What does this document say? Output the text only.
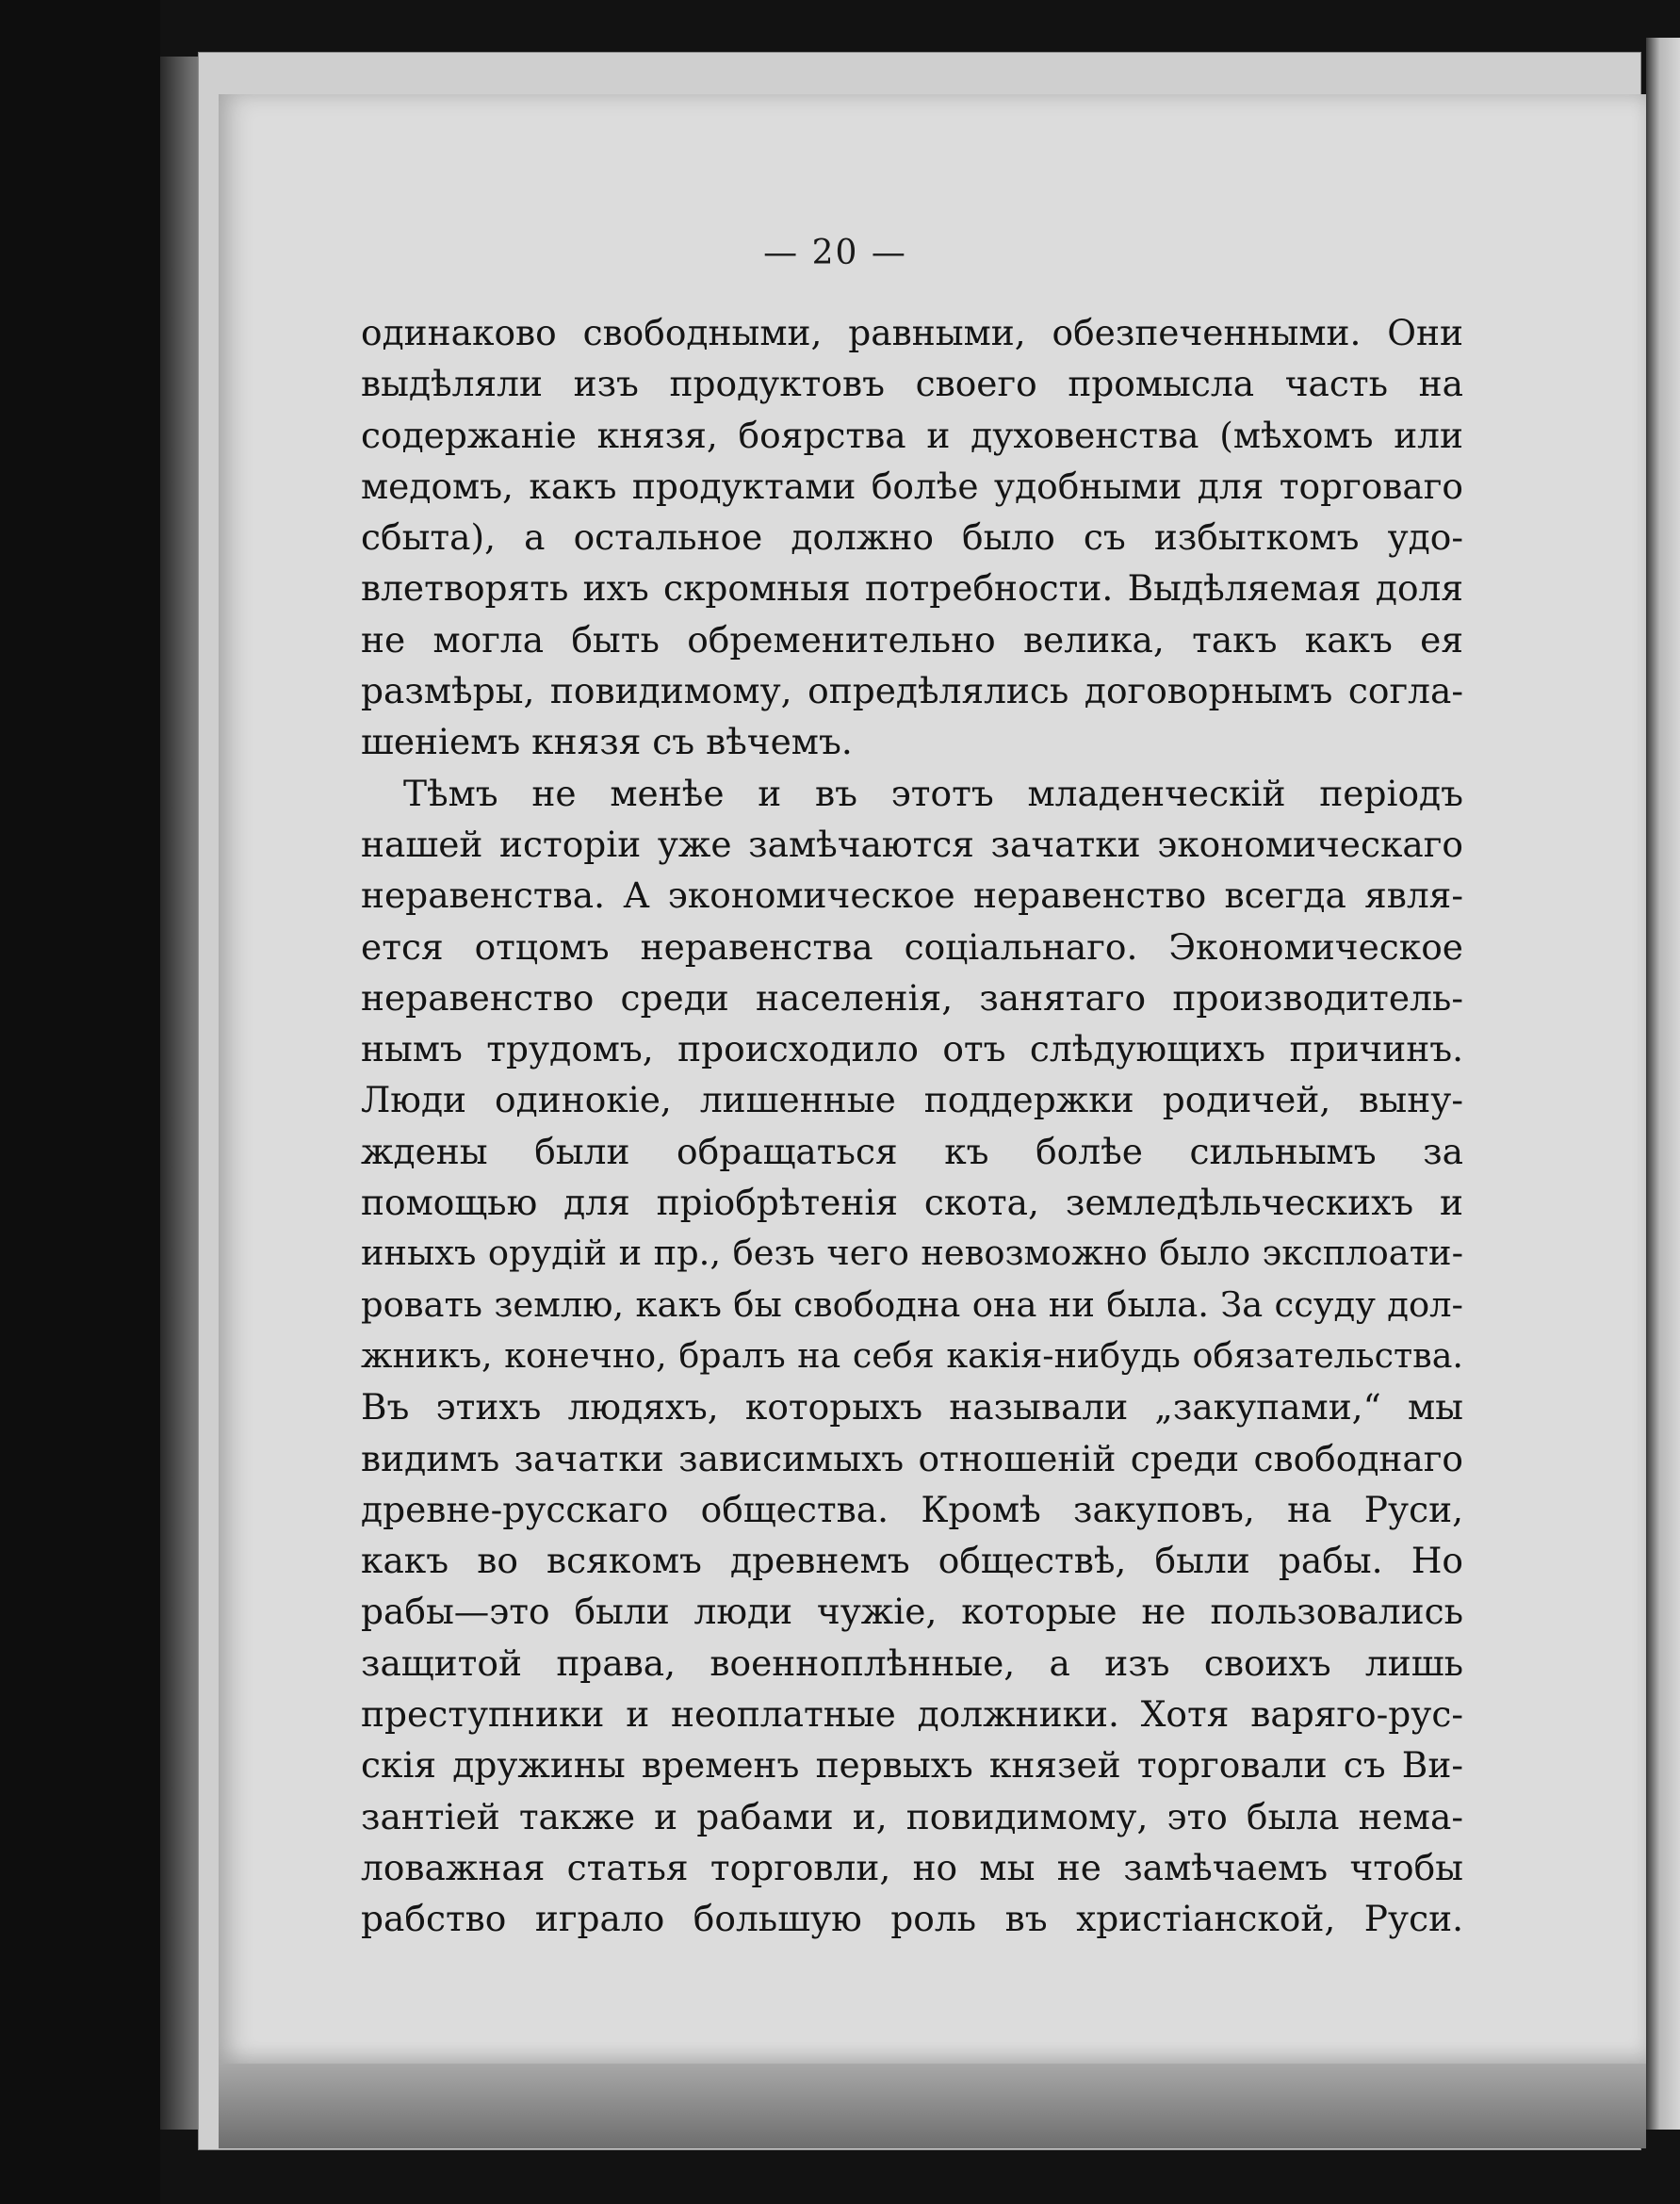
— 20 —
одинаково свободными, равными, обезпеченными. Они
выдѣляли изъ продуктовъ своего промысла часть на
содержаніе князя, боярства и духовенства (мѣхомъ или
медомъ, какъ продуктами болѣе удобными для торговаго
сбыта), а остальное должно было съ избыткомъ удо-
влетворять ихъ скромныя потребности. Выдѣляемая доля
не могла быть обременительно велика, такъ какъ ея
размѣры, повидимому, опредѣлялись договорнымъ согла-
шеніемъ князя съ вѣчемъ.
Тѣмъ не менѣе и въ этотъ младенческій періодъ
нашей исторіи уже замѣчаются зачатки экономическаго
неравенства. А экономическое неравенство всегда явля-
ется отцомъ неравенства соціальнаго. Экономическое
неравенство среди населенія, занятаго производитель-
нымъ трудомъ, происходило отъ слѣдующихъ причинъ.
Люди одинокіе, лишенные поддержки родичей, выну-
ждены были обращаться къ болѣе сильнымъ за
помощью для пріобрѣтенія скота, земледѣльческихъ и
иныхъ орудій и пр., безъ чего невозможно было эксплоати-
ровать землю, какъ бы свободна она ни была. За ссуду дол-
жникъ, конечно, бралъ на себя какія-нибудь обязательства.
Въ этихъ людяхъ, которыхъ называли „закупами,“ мы
видимъ зачатки зависимыхъ отношеній среди свободнаго
древне-русскаго общества. Кромѣ закуповъ, на Руси,
какъ во всякомъ древнемъ обществѣ, были рабы. Но
рабы—это были люди чужіе, которые не пользовались
защитой права, военноплѣнные, а изъ своихъ лишь
преступники и неоплатные должники. Хотя варяго-рус-
скія дружины временъ первыхъ князей торговали съ Ви-
зантіей также и рабами и, повидимому, это была нема-
ловажная статья торговли, но мы не замѣчаемъ чтобы
рабство играло большую роль въ христіанской, Руси.
